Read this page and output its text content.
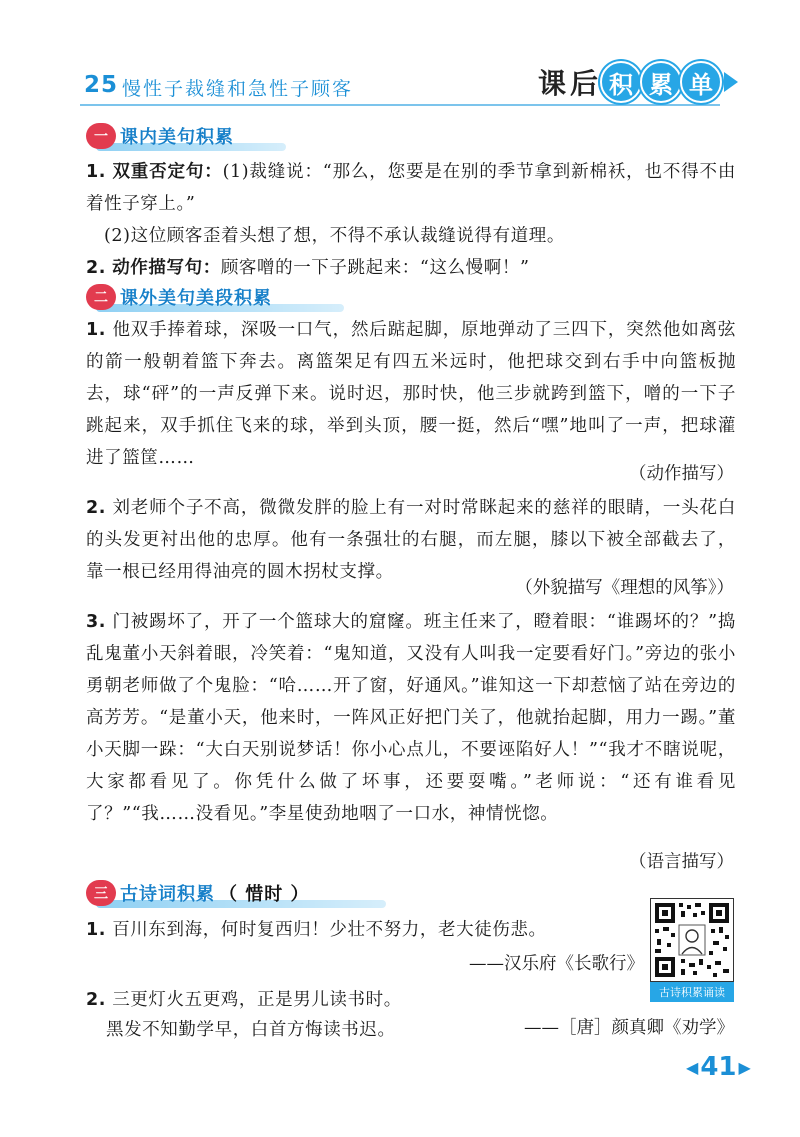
25 慢性子裁缝和急性子顾客	课 后 积 累 单
一 课内美句积累

1. 双重否定句：(1)裁缝说：“那么，您要是在别的季节拿到新棉袄，也不得不由着性子穿上。”

(2)这位顾客歪着头想了想，不得不承认裁缝说得有道理。

2. 动作描写句：顾客噌的一下子跳起来：“这么慢啊！”

二 课外美句美段积累

1. 他双手捧着球，深吸一口气，然后踮起脚，原地弹动了三四下，突然他如离弦的箭一般朝着篮下奔去。离篮架足有四五米远时，他把球交到右手中向篮板抛去，球“砰”的一声反弹下来。说时迟，那时快，他三步就跨到篮下，噌的一下子跳起来，双手抓住飞来的球，举到头顶，腰一挺，然后“嘿”地叫了一声，把球灌进了篮筐……

（动作描写）

2. 刘老师个子不高，微微发胖的脸上有一对时常眯起来的慈祥的眼睛，一头花白的头发更衬出他的忠厚。他有一条强壮的右腿，而左腿，膝以下被全部截去了，靠一根已经用得油亮的圆木拐杖支撑。

（外貌描写《理想的风筝》）

3. 门被踢坏了，开了一个篮球大的窟窿。班主任来了，瞪着眼：“谁踢坏的？”捣乱鬼董小天斜着眼，冷笑着：“鬼知道，又没有人叫我一定要看好门。”旁边的张小勇朝老师做了个鬼脸：“哈……开了窗，好通风。”谁知这一下却惹恼了站在旁边的高芳芳。“是董小天，他来时，一阵风正好把门关了，他就抬起脚，用力一踢。”董小天脚一跺：“大白天别说梦话！你小心点儿，不要诬陷好人！”“我才不瞎说呢，大家都看见了。你凭什么做了坏事，还要耍嘴。”老师说：“还有谁看见了？”“我……没看见。”李星使劲地咽了一口水，神情恍惚。

（语言描写）
三 古诗词积累 （ 惜时 ）

1. 百川东到海，何时复西归！少壮不努力，老大徒伤悲。

——汉乐府《长歌行》

2. 三更灯火五更鸡，正是男儿读书时。

黑发不知勤学早，白首方悔读书迟。	——［唐］颜真卿《劝学》
古诗积累诵读
◀ 41 ▶
